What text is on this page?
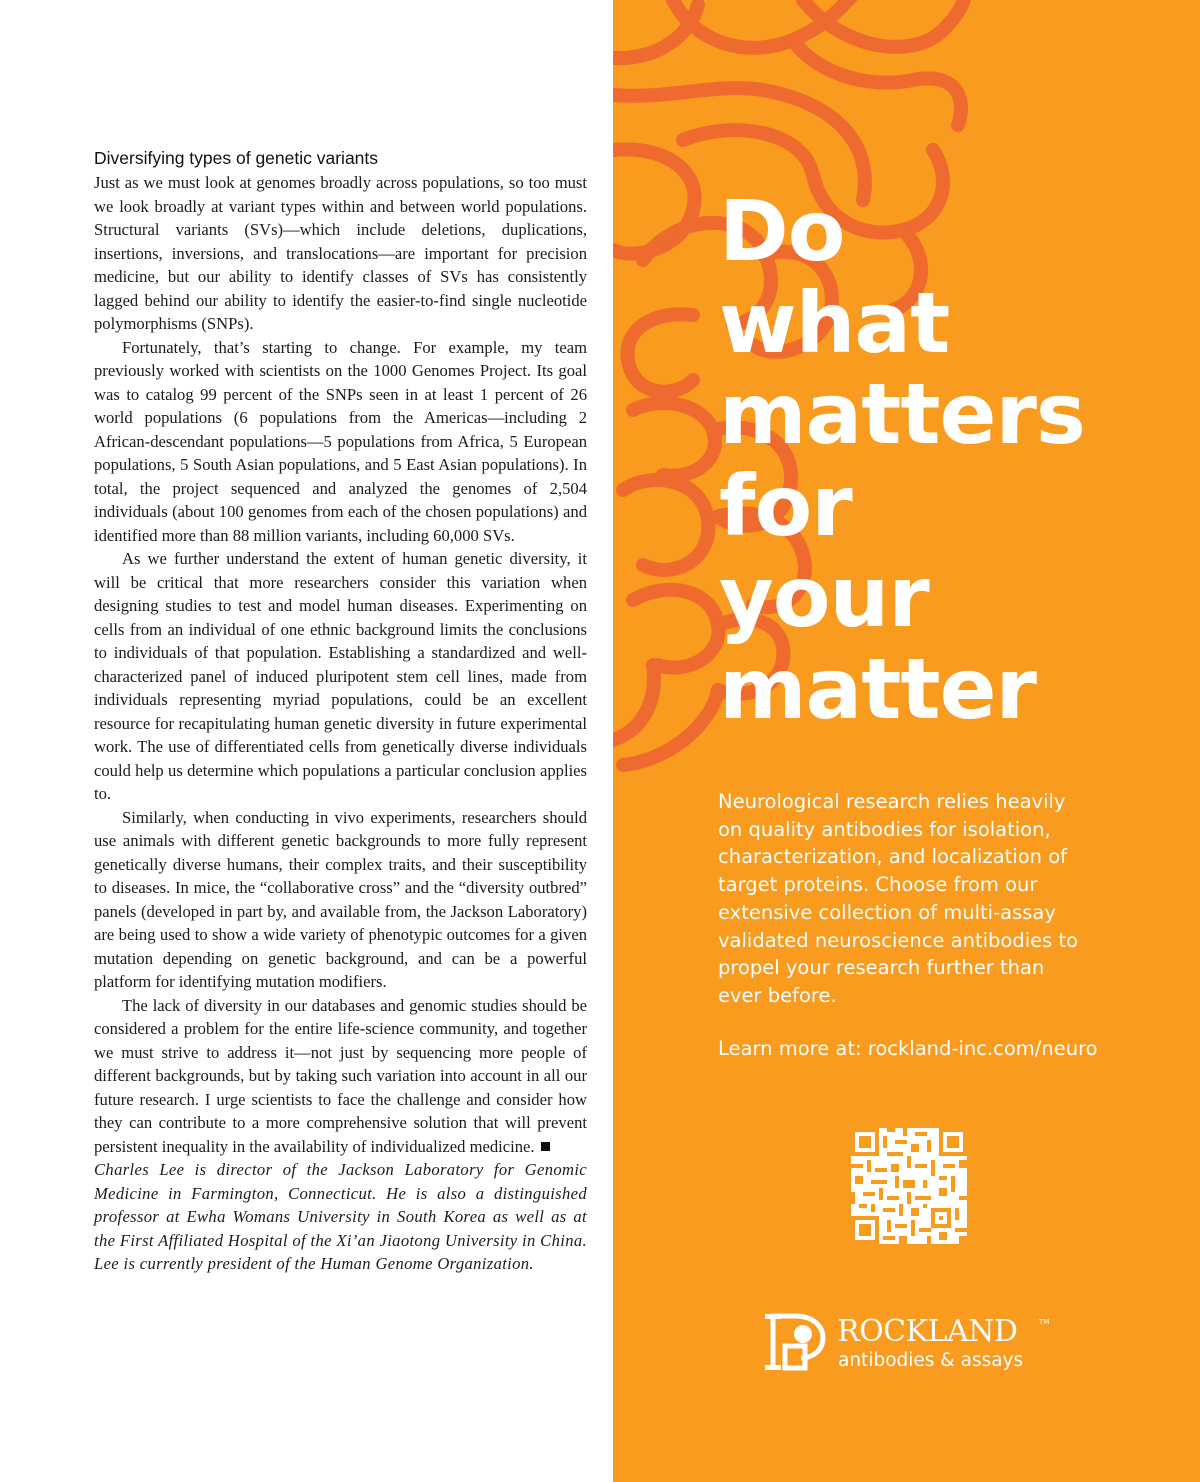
Diversifying types of genetic variants

Just as we must look at genomes broadly across populations, so too must we look broadly at variant types within and between world populations. Structural variants (SVs)—which include deletions, duplications, insertions, inversions, and translocations—are important for precision medicine, but our ability to identify classes of SVs has consistently lagged behind our ability to identify the easier-to-find single nucleotide polymorphisms (SNPs).

Fortunately, that’s starting to change. For example, my team previously worked with scientists on the 1000 Genomes Project. Its goal was to catalog 99 percent of the SNPs seen in at least 1 percent of 26 world populations (6 populations from the Americas—including 2 African-descendant populations—5 populations from Africa, 5 European populations, 5 South Asian populations, and 5 East Asian populations). In total, the project sequenced and analyzed the genomes of 2,504 individuals (about 100 genomes from each of the chosen populations) and identified more than 88 million variants, including 60,000 SVs.

As we further understand the extent of human genetic diversity, it will be critical that more researchers consider this variation when designing studies to test and model human diseases. Experimenting on cells from an individual of one ethnic background limits the conclusions to individuals of that population. Establishing a standardized and well-characterized panel of induced pluripotent stem cell lines, made from individuals representing myriad populations, could be an excellent resource for recapitulating human genetic diversity in future experimental work. The use of differentiated cells from genetically diverse individuals could help us determine which populations a particular conclusion applies to.

Similarly, when conducting in vivo experiments, researchers should use animals with different genetic backgrounds to more fully represent genetically diverse humans, their complex traits, and their susceptibility to diseases. In mice, the “collaborative cross” and the “diversity outbred” panels (developed in part by, and available from, the Jackson Laboratory) are being used to show a wide variety of phenotypic outcomes for a given mutation depending on genetic background, and can be a powerful platform for identifying mutation modifiers.

The lack of diversity in our databases and genomic studies should be considered a problem for the entire life-science community, and together we must strive to address it—not just by sequencing more people of different backgrounds, but by taking such variation into account in all our future research. I urge scientists to face the challenge and consider how they can contribute to a more comprehensive solution that will prevent persistent inequality in the availability of individualized medicine.

Charles Lee is director of the Jackson Laboratory for Genomic Medicine in Farmington, Connecticut. He is also a distinguished professor at Ewha Womans University in South Korea as well as at the First Affiliated Hospital of the Xi’an Jiaotong University in China. Lee is currently president of the Human Genome Organization.

Do
what
matters
for
your
matter

Neurological research relies heavily on quality antibodies for isolation, characterization, and localization of target proteins. Choose from our extensive collection of multi-assay validated neuroscience antibodies to propel your research further than ever before.

Learn more at: rockland-inc.com/neuro

ROCKLAND	TM
antibodies & assays
